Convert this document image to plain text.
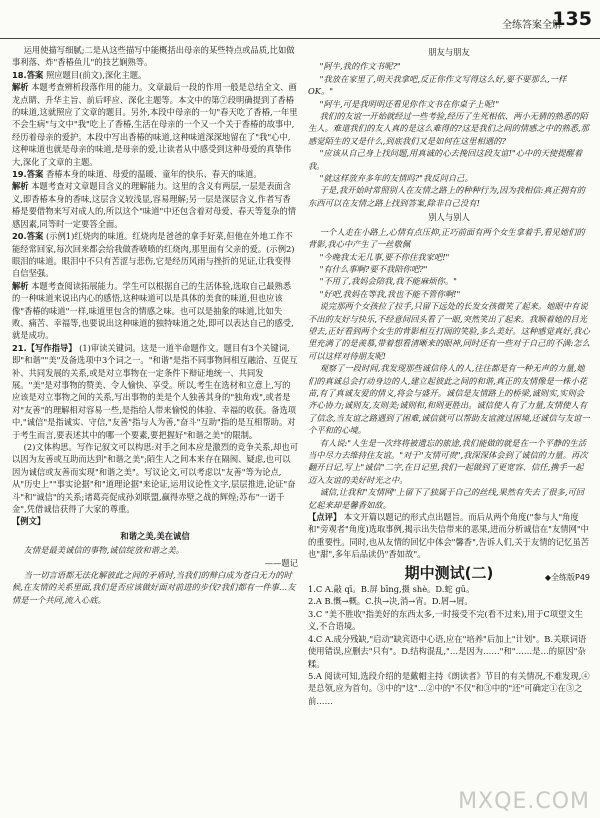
全练答案全解
135

运用使描写细腻;二是从这些描写中能概括出母亲的某些特点或品质,比如做事利落、炸"香椿鱼儿"的技艺娴熟等。

18.答案 照应题目(前文),深化主题。

解析 本题考查辨析段落作用的能力。文章最后一段的作用一般是总结全文、画龙点睛、升华主旨、前后呼应、深化主题等。本文中的第⑦段明确提到了香椿的味道,这就照应了文章的题目。另外,本段中母亲的一句"春天吃了香椿,一年里不会生病"与文中"我"吃上了香椿,生活在母亲的一个又一个关于香椿的故事中,经历着母亲的爱护。本段中写出香椿的味道,这种味道深深地留在了"我"心中,这种味道也就是母亲的味道,是母亲的爱,让读者从中感受到这种母爱的真挚伟大,深化了文章的主题。

19.答案 香椿本身的味道、母爱的温暖、童年的快乐、春天的味道。

解析 本题考查对文章题目含义的理解能力。这里的含义有两层,一层是表面含义,即香椿本身的香味,这层含义较浅显,容易理解;另一层是深层含义,作者写香椿是要借物来写对成人的,所以这个"味道"中还包含着对母爱、春天等复杂的情感因素,同等时一定要答全面。

20.答案 (示例1)红烧肉的味道。红烧肉是爸爸的拿手好菜,但他在外地工作不能经常回家,每次回来都会给我做香喷喷的红烧肉,那里面有父亲的爱。(示例2)眼泪的味道。眼泪中不只有苦涩与悲伤,它是经历风雨与挫折的见证,让我变得自信坚强。

解析 本题考查阅读拓展能力。学生可以根据自己的生活体验,选取自己最熟悉的一种味道来说出内心的感悟,这种味道可以是具体的美食的味道,但也应该像"香椿的味道"一样,味道里包含的情感之味。也可以是抽象的味道,比如失败、痛苦、幸福等,也要说出这种味道的独特味道之处,即可以表达自己的感受,就是成功。

21.【写作指导】 (1)审读关键词。这是一道半命题作文。题目有3个关键词,即"和谐""美"及备选项中3个词之一。"和谐"是指不同事物间相互融洽、互促互补、共同发展的关系,或是对立事物在一定条件下辩证地统一、共同发展。"美"是对事物的赞美、令人愉快、享受。所以,考生在选材和立意上,写的应该是对立事物之间的关系,写出事物的美是个人独善其身的"独角戏",或者是对"友善"的理解相对容易一些,是指给人带来愉悦的体验、幸福的收获。备选项中,"诚信"是指诚实、守信,"友善"指与人为善,"奋斗"互助"指的是互相帮助。对于考生而言,要表述其中的哪一个要素,要把握好"和谐之美"的限制。

(2)文体构思。写作记叙文可以构思:对手之间本应是激烈的竞争关系,却也可以因为友善或互助而达到"和谐之美";陌生人之间本来存在隔阂、疑虑,也可以因为诚信或友善而实现"和谐之美"。写议论文,可以考虑以"友善"等为论点,从"历史上""事实论据"和"道理论据"来论证,运用议论性文字,层层推进,论证"奋斗"和"诚信"的关系;诸葛亮促成孙刘联盟,赢得赤壁之战的辉煌;苏布"一诺千金",凭借诚信获得了大家的尊重。

【例文】

和谐之美,美在诚信

友情是最美诚信的事物,诚信绽放和谐之美。

——题记

当一切言语都无法化解彼此之间的矛盾时,当我们的辩白成为苍白无力的时候,在友情的关系里面,我们是否应该做好面对前进的步伐?我们都有一件事…友情是一个共同,流入心底。

朋友与朋友

"阿牛,我的作文书呢?"

"我放在家里了,明天我拿吧,反正你作文写得这么好,要不要那么,一样 OK。"

"阿牛,可是我明明还看见你作文书在你桌子上呢!"

我们的友谊一开始就经过一些考验,经历了生死相依、两小无猜的熟悉的陌生人。难道我们的友人真的是这么难得的?这是我们之间的情感之中的熟悉,那感觉陌生的又是什么,到底我们又是如何在这里相遇的?

"应该从自己身上找问题,用真诚的心去挽回这段友谊!"心中的天使提醒着我。

"就这样放弃多年的友情吗?"我反问自己。

于是,我开始时常照别人在友情之路上的种种行为,因为我相信:真正拥有的东西可以在友情之路上找到答案,除非自己没有!

别人与别人

一个人走在小路上,心情有点压抑,正巧前面有两个女生拿着手,看见她们的背影,我心中产生了一丝敬佩

"今晚我太无儿事,要不你住我家吧!"

"有什么事啊?要不我陪你吧?"

"不用了,我妈会陪我,我不能麻烦你。"

"好吧,我妈在等我,我也不能不管你啊!"

说完那两个女孩拉了拉手,只留下远处的长发女孩微笑了起来。她眼中有说不出的友好与快乐,不经意间回头看了一眼,突然笑出了起来。我顺着她的目光望去,正好看到两个女生的背影相互打闹的笑脸,多么美好。这种感觉真好,我心里充满了的是羡慕,带着想看清晰来的眼神,同时还有一些对于自己的不满:怎么可以这样对待朋友呢!

观察了一段时间,我发现那些诚信待人的人,往往都是有一种无声的力量,她们的真诚总会打动身边的人,建立起彼此之间的和谐,真正的友情像是一株小花苗,有了真诚友爱的情义,将会与盛开。诚信是友情路上的桥梁,诚则实,实则会齐心协力;诚则友,友则美;诚则和,和则更胜出。诚信使人有了力量,友情使人有了信念,当友谊之路遇到了困难,诚信就可以帮助友谊渡过困境,还诚信与友谊一个平和的心境。

有人说:"人生是一次终将被遗忘的旅途,我们能做的就是在一个平静的生活当中尽力去维持住友谊。"对于"友情可贵",我深深体会到了诚信的力量。再次翻开日记,写上"诚信"二字,在日记里,我们一起做到了更宽容、信任,携手一起迈入友谊的美好时光之中。

诚信,让我和"友情网"上留下了独属于自己的丝线,果然有失去了很多,可回忆起来却是馨香如故。

【点评】 本文开篇以题记的形式点出题旨。而后从两个角度("参与人"角度和"旁观者"角度)选取事例,揭示出失信带来的恶果,进而分析诚信在"友情网"中的重要性。同时,也从友情的回忆中体会"馨香",告诉人们,关于友情的记忆虽苦也"甜",多年后品读仍"香如故"。

期中测试(二)	◆全练版P49

1.C A.敲 qī。B.屏 bīng,摄 shè。D.蛇 gū。

2.A B.慨→概。C.执→决,消→宵。D.屑→屑。

3.C "美不胜收"指美好的东西太多,一时接受不完(看不过来),用于C项望文生义,不合语境。

4.C A.成分残缺,"启动"缺宾语中心语,应在"培养"后加上"计划"。B.关联词语使用错误,应删去"只有"。D.结构混乱,"…是因为……"和"……是…的原因"杂糅。

5.A 阅读可知,选段介绍的是戴帽主持《朗读者》节目的有关情况,不难发现,④是总领,应为首句。③中的"这"…②中的"不仅"和③中的"还"可确定①在③之前……

MXQE.COM
